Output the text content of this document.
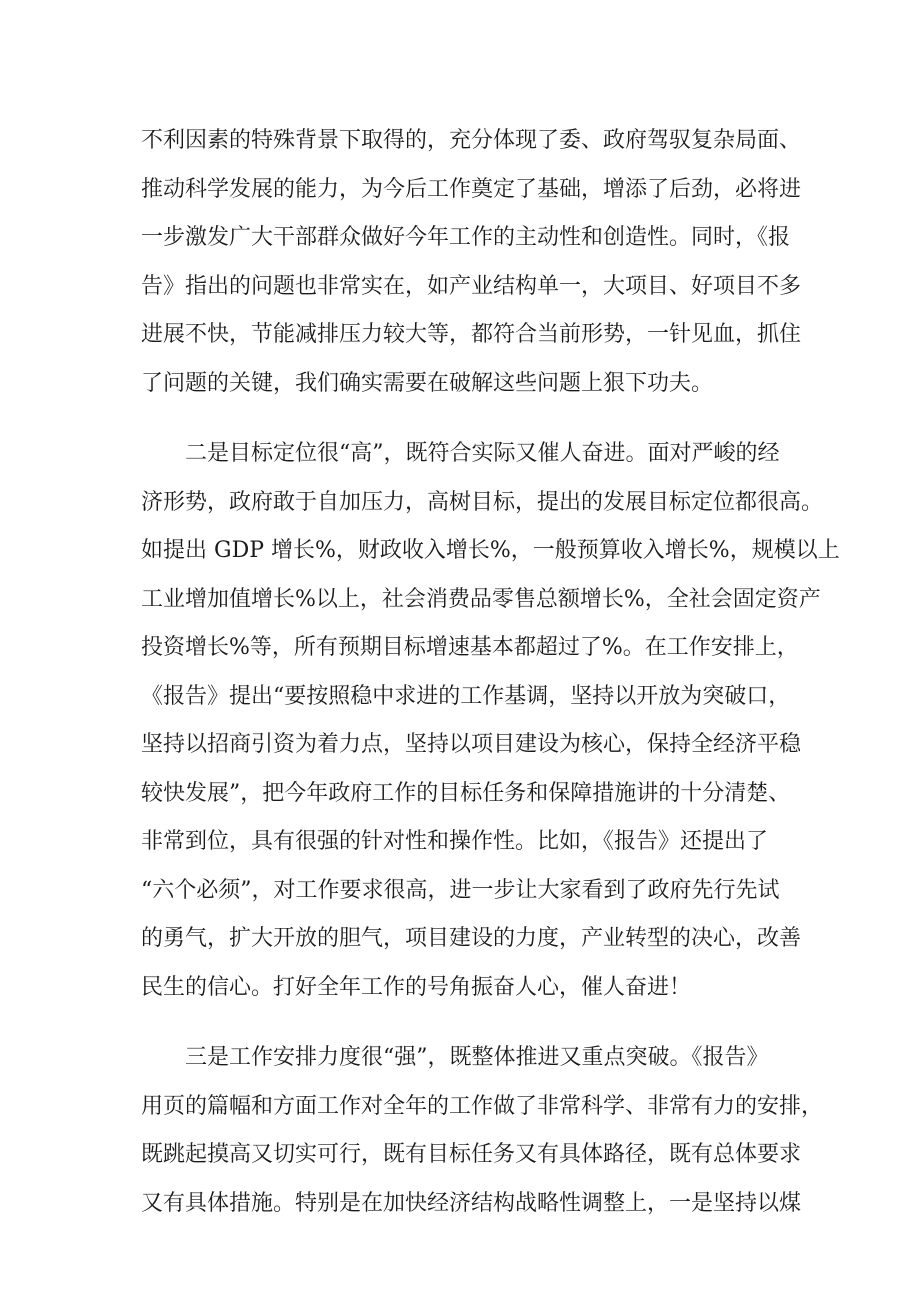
不利因素的特殊背景下取得的，充分体现了委、政府驾驭复杂局面、
推动科学发展的能力，为今后工作奠定了基础，增添了后劲，必将进
一步激发广大干部群众做好今年工作的主动性和创造性。同时，《报
告》指出的问题也非常实在，如产业结构单一，大项目、好项目不多
进展不快，节能减排压力较大等，都符合当前形势，一针见血，抓住
了问题的关键，我们确实需要在破解这些问题上狠下功夫。
二是目标定位很“高”，既符合实际又催人奋进。面对严峻的经
济形势，政府敢于自加压力，高树目标，提出的发展目标定位都很高。
如提出 GDP 增长%，财政收入增长%，一般预算收入增长%，规模以上
工业增加值增长%以上，社会消费品零售总额增长%，全社会固定资产
投资增长%等，所有预期目标增速基本都超过了%。在工作安排上，
《报告》提出“要按照稳中求进的工作基调，坚持以开放为突破口，
坚持以招商引资为着力点，坚持以项目建设为核心，保持全经济平稳
较快发展”，把今年政府工作的目标任务和保障措施讲的十分清楚、
非常到位，具有很强的针对性和操作性。比如，《报告》还提出了
“六个必须”，对工作要求很高，进一步让大家看到了政府先行先试
的勇气，扩大开放的胆气，项目建设的力度，产业转型的决心，改善
民生的信心。打好全年工作的号角振奋人心，催人奋进！
三是工作安排力度很“强”，既整体推进又重点突破。《报告》
用页的篇幅和方面工作对全年的工作做了非常科学、非常有力的安排，
既跳起摸高又切实可行，既有目标任务又有具体路径，既有总体要求
又有具体措施。特别是在加快经济结构战略性调整上，一是坚持以煤
